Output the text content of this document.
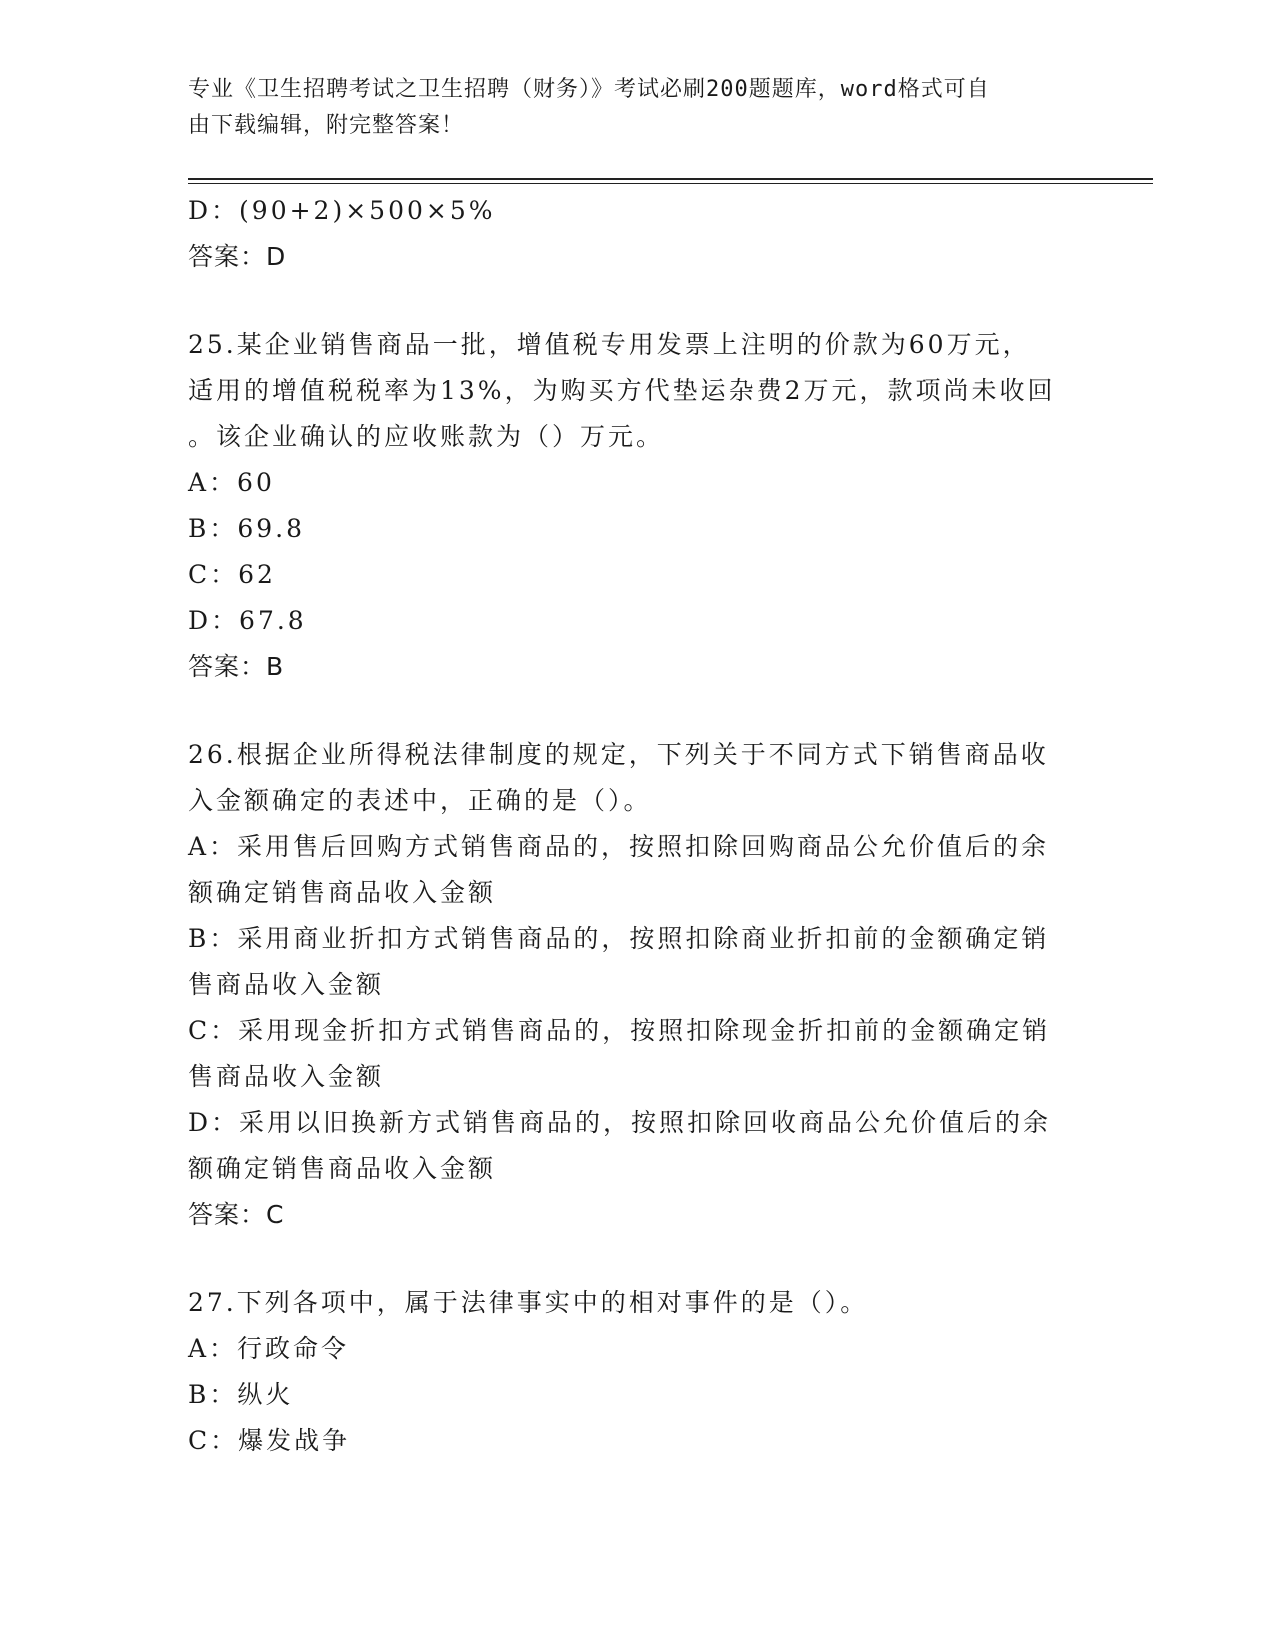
专业《卫生招聘考试之卫生招聘（财务）》考试必刷200题题库，word格式可自
由下载编辑，附完整答案！
D：(90+2)×500×5%
答案：D
25.某企业销售商品一批，增值税专用发票上注明的价款为60万元，
适用的增值税税率为13%，为购买方代垫运杂费2万元，款项尚未收回
。该企业确认的应收账款为（）万元。
A：60
B：69.8
C：62
D：67.8
答案：B
26.根据企业所得税法律制度的规定，下列关于不同方式下销售商品收
入金额确定的表述中，正确的是（）。
A：采用售后回购方式销售商品的，按照扣除回购商品公允价值后的余
额确定销售商品收入金额
B：采用商业折扣方式销售商品的，按照扣除商业折扣前的金额确定销
售商品收入金额
C：采用现金折扣方式销售商品的，按照扣除现金折扣前的金额确定销
售商品收入金额
D：采用以旧换新方式销售商品的，按照扣除回收商品公允价值后的余
额确定销售商品收入金额
答案：C
27.下列各项中，属于法律事实中的相对事件的是（）。
A：行政命令
B：纵火
C：爆发战争
